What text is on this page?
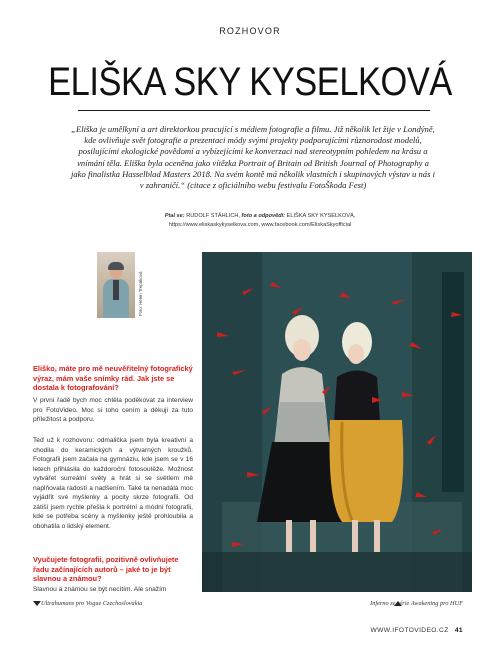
ROZHOVOR
ELIŠKA SKY KYSELKOVÁ

„Eliška je umělkyní a art direktorkou pracující s médiem fotografie a filmu. Již několik let žije v Londýně, kde ovlivňuje svět fotografie a prezentaci módy svými projekty podporujícími různorodost modelů, posilujícími ekologické povědomí a vybízejícími ke konverzaci nad stereotypním pohledem na krásu a vnímání těla. Eliška byla oceněna jako vítězka Portrait of Britain od British Journal of Photography a jako finalistka Hasselblad Masters 2018. Na svém kontě má několik vlastních i skupinových výstav u nás i v zahraničí.“ (citace z oficiálního webu festivalu FotoŠkoda Fest)

Ptal se: RUDOLF STÄHLICH, foto a odpovědi: ELIŠKA SKY KYSELKOVÁ,
https://www.eliskaskykyselkova.com, www.facebook.com/EliskaSkyofficial
Foto: Helen Trepáková

Eliško, máte pro mě neuvěřitelný fotografický výraz, mám vaše snímky rád. Jak jste se dostala k fotografování?

V první řadě bych moc chtěla poděkovat za interview pro FotoVideo. Moc si toho cením a děkuji za tuto příležitost a podporu.

Teď už k rozhovoru: odmalička jsem byla kreativní a chodila do keramických a výtvarných kroužků. Fotografii jsem začala na gymnáziu, kde jsem se v 16 letech přihlásila do každoroční fotosoutěže. Možnost vytvářet surreální světy a hrát si se světlem mě naplňovala radostí a nadšením. Také ta nenadálá moc vyjádřit své myšlenky a pocity skrze fotografii. Od zátiší jsem rychle přešla k portrétní a módní fotografii, kde se potřeba scény a myšlenky ještě prohloubila a obohatila o lidský element.

Vyučujete fotografii, pozitivně ovlivňujete řadu začínajících autorů – jaké to je být slavnou a známou?

Slavnou a známou se být necítím. Ale snažím

Ultrahumans pro Vogue Czechoslovakia	Inferno ze série Awakening pro HUF
WWW.IFOTOVIDEO.CZ 41
